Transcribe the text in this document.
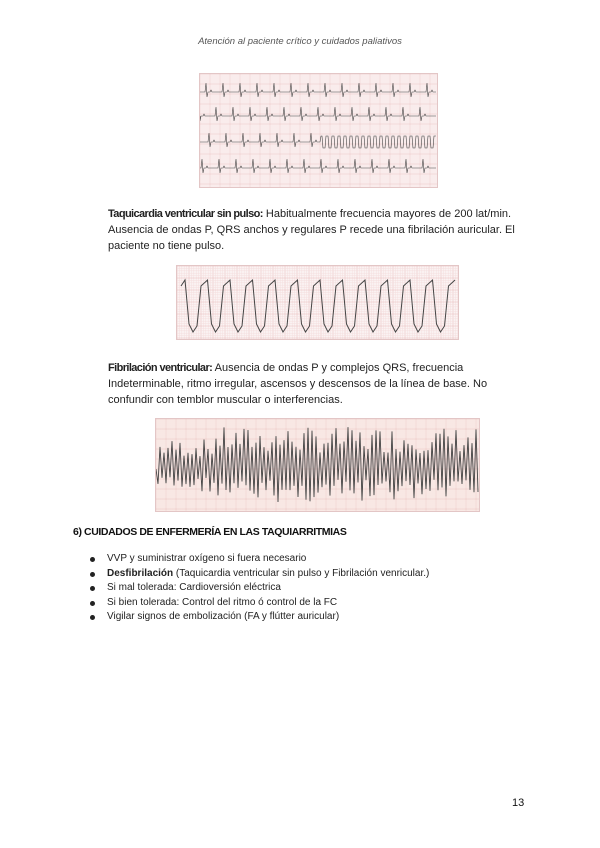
Atención al paciente crítico y cuidados paliativos
Taquicardia ventricular sin pulso: Habitualmente frecuencia mayores de 200 lat/min. Ausencia de ondas P, QRS anchos y regulares P recede una fibrilación auricular. El paciente no tiene pulso.
Fibrilación ventricular: Ausencia de ondas P y complejos QRS, frecuencia Indeterminable, ritmo irregular, ascensos y descensos de la línea de base. No confundir con temblor muscular o interferencias.
6) CUIDADOS DE ENFERMERÍA EN LAS TAQUIARRITMIAS
VVP y suministrar oxígeno si fuera necesario
Desfibrilación (Taquicardia ventricular sin pulso y Fibrilación venricular.)
Si mal tolerada: Cardioversión eléctrica
Si bien tolerada: Control del ritmo ó control de la FC
Vigilar signos de embolización (FA y flútter auricular)
13
